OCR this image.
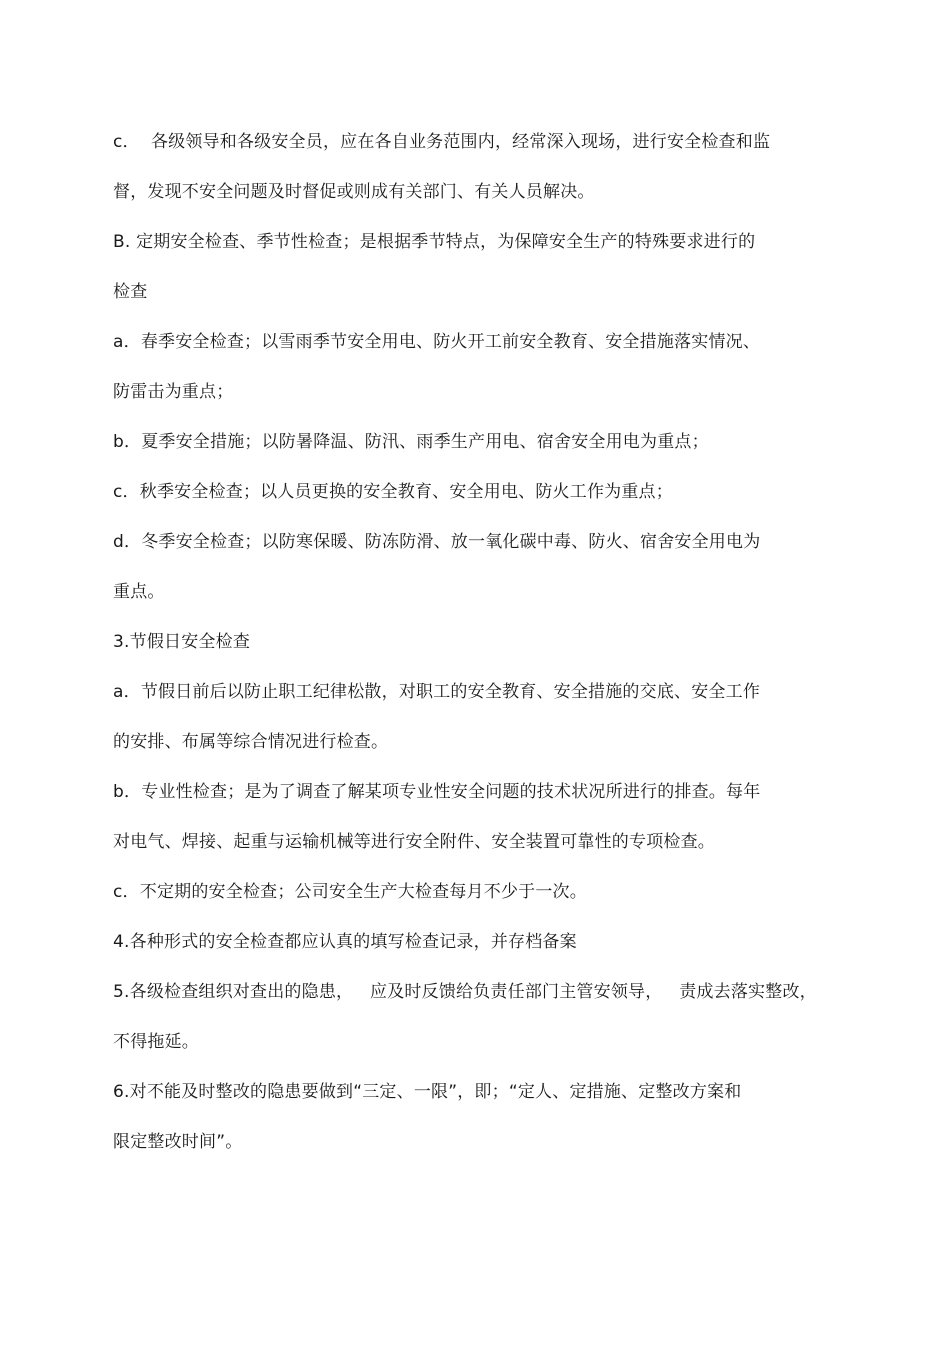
c．  各级领导和各级安全员，应在各自业务范围内，经常深入现场，进行安全检查和监
督，发现不安全问题及时督促或则成有关部门、有关人员解决。
B. 定期安全检查、季节性检查；是根据季节特点，为保障安全生产的特殊要求进行的
检查
a．春季安全检查；以雪雨季节安全用电、防火开工前安全教育、安全措施落实情况、
防雷击为重点；
b．夏季安全措施；以防暑降温、防汛、雨季生产用电、宿舍安全用电为重点；
c．秋季安全检查；以人员更换的安全教育、安全用电、防火工作为重点；
d．冬季安全检查；以防寒保暖、防冻防滑、放一氧化碳中毒、防火、宿舍安全用电为
重点。
3.节假日安全检查
a．节假日前后以防止职工纪律松散，对职工的安全教育、安全措施的交底、安全工作
的安排、布属等综合情况进行检查。
b．专业性检查；是为了调查了解某项专业性安全问题的技术状况所进行的排查。每年
对电气、焊接、起重与运输机械等进行安全附件、安全装置可靠性的专项检查。
c．不定期的安全检查；公司安全生产大检查每月不少于一次。
4.各种形式的安全检查都应认真的填写检查记录，并存档备案
5.各级检查组织对查出的隐患，   应及时反馈给负责任部门主管安领导，   责成去落实整改，
不得拖延。
6.对不能及时整改的隐患要做到“三定、一限”，即；“定人、定措施、定整改方案和
限定整改时间”。
